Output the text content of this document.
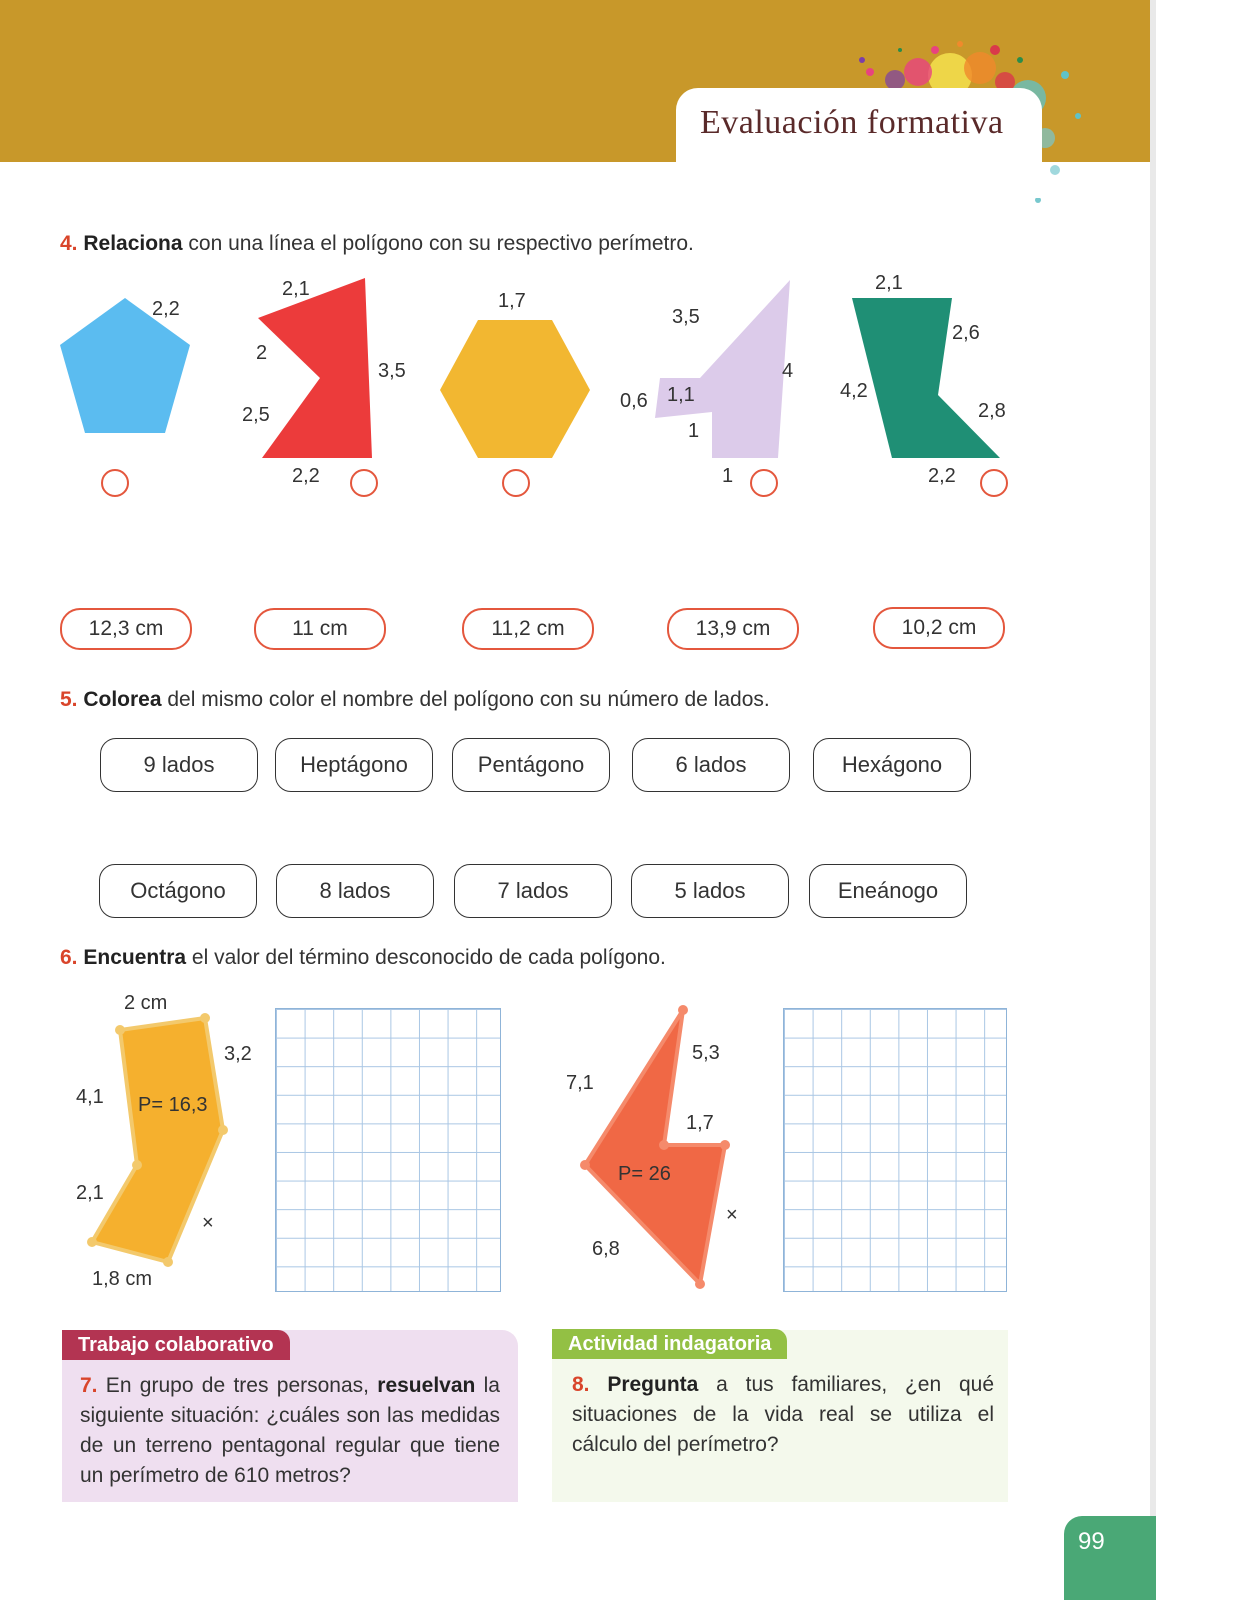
Evaluación formativa
4. Relaciona con una línea el polígono con su respectivo perímetro.
2,2
2,1
2
2,5
3,5
2,2
1,7
3,5
4
0,6 1,1
1
1
2,1
2,6
4,2
2,8
2,2
12,3 cm	11 cm	11,2 cm	13,9 cm	10,2 cm
5. Colorea del mismo color el nombre del polígono con su número de lados.
9 lados	Heptágono	Pentágono	6 lados	Hexágono
Octágono	8 lados	7 lados	5 lados	Eneánogo
6. Encuentra el valor del término desconocido de cada polígono.
2 cm
3,2
4,1 P= 16,3
2,1
×
1,8 cm
5,3
7,1
1,7
P= 26
×
6,8
Trabajo colaborativo
7. En grupo de tres personas, resuelvan la siguiente situación: ¿cuáles son las medidas de un terreno pentagonal regular que tiene un perímetro de 610 metros?
Actividad indagatoria
8. Pregunta a tus familiares, ¿en qué situaciones de la vida real se utiliza el cálculo del perímetro?
99
